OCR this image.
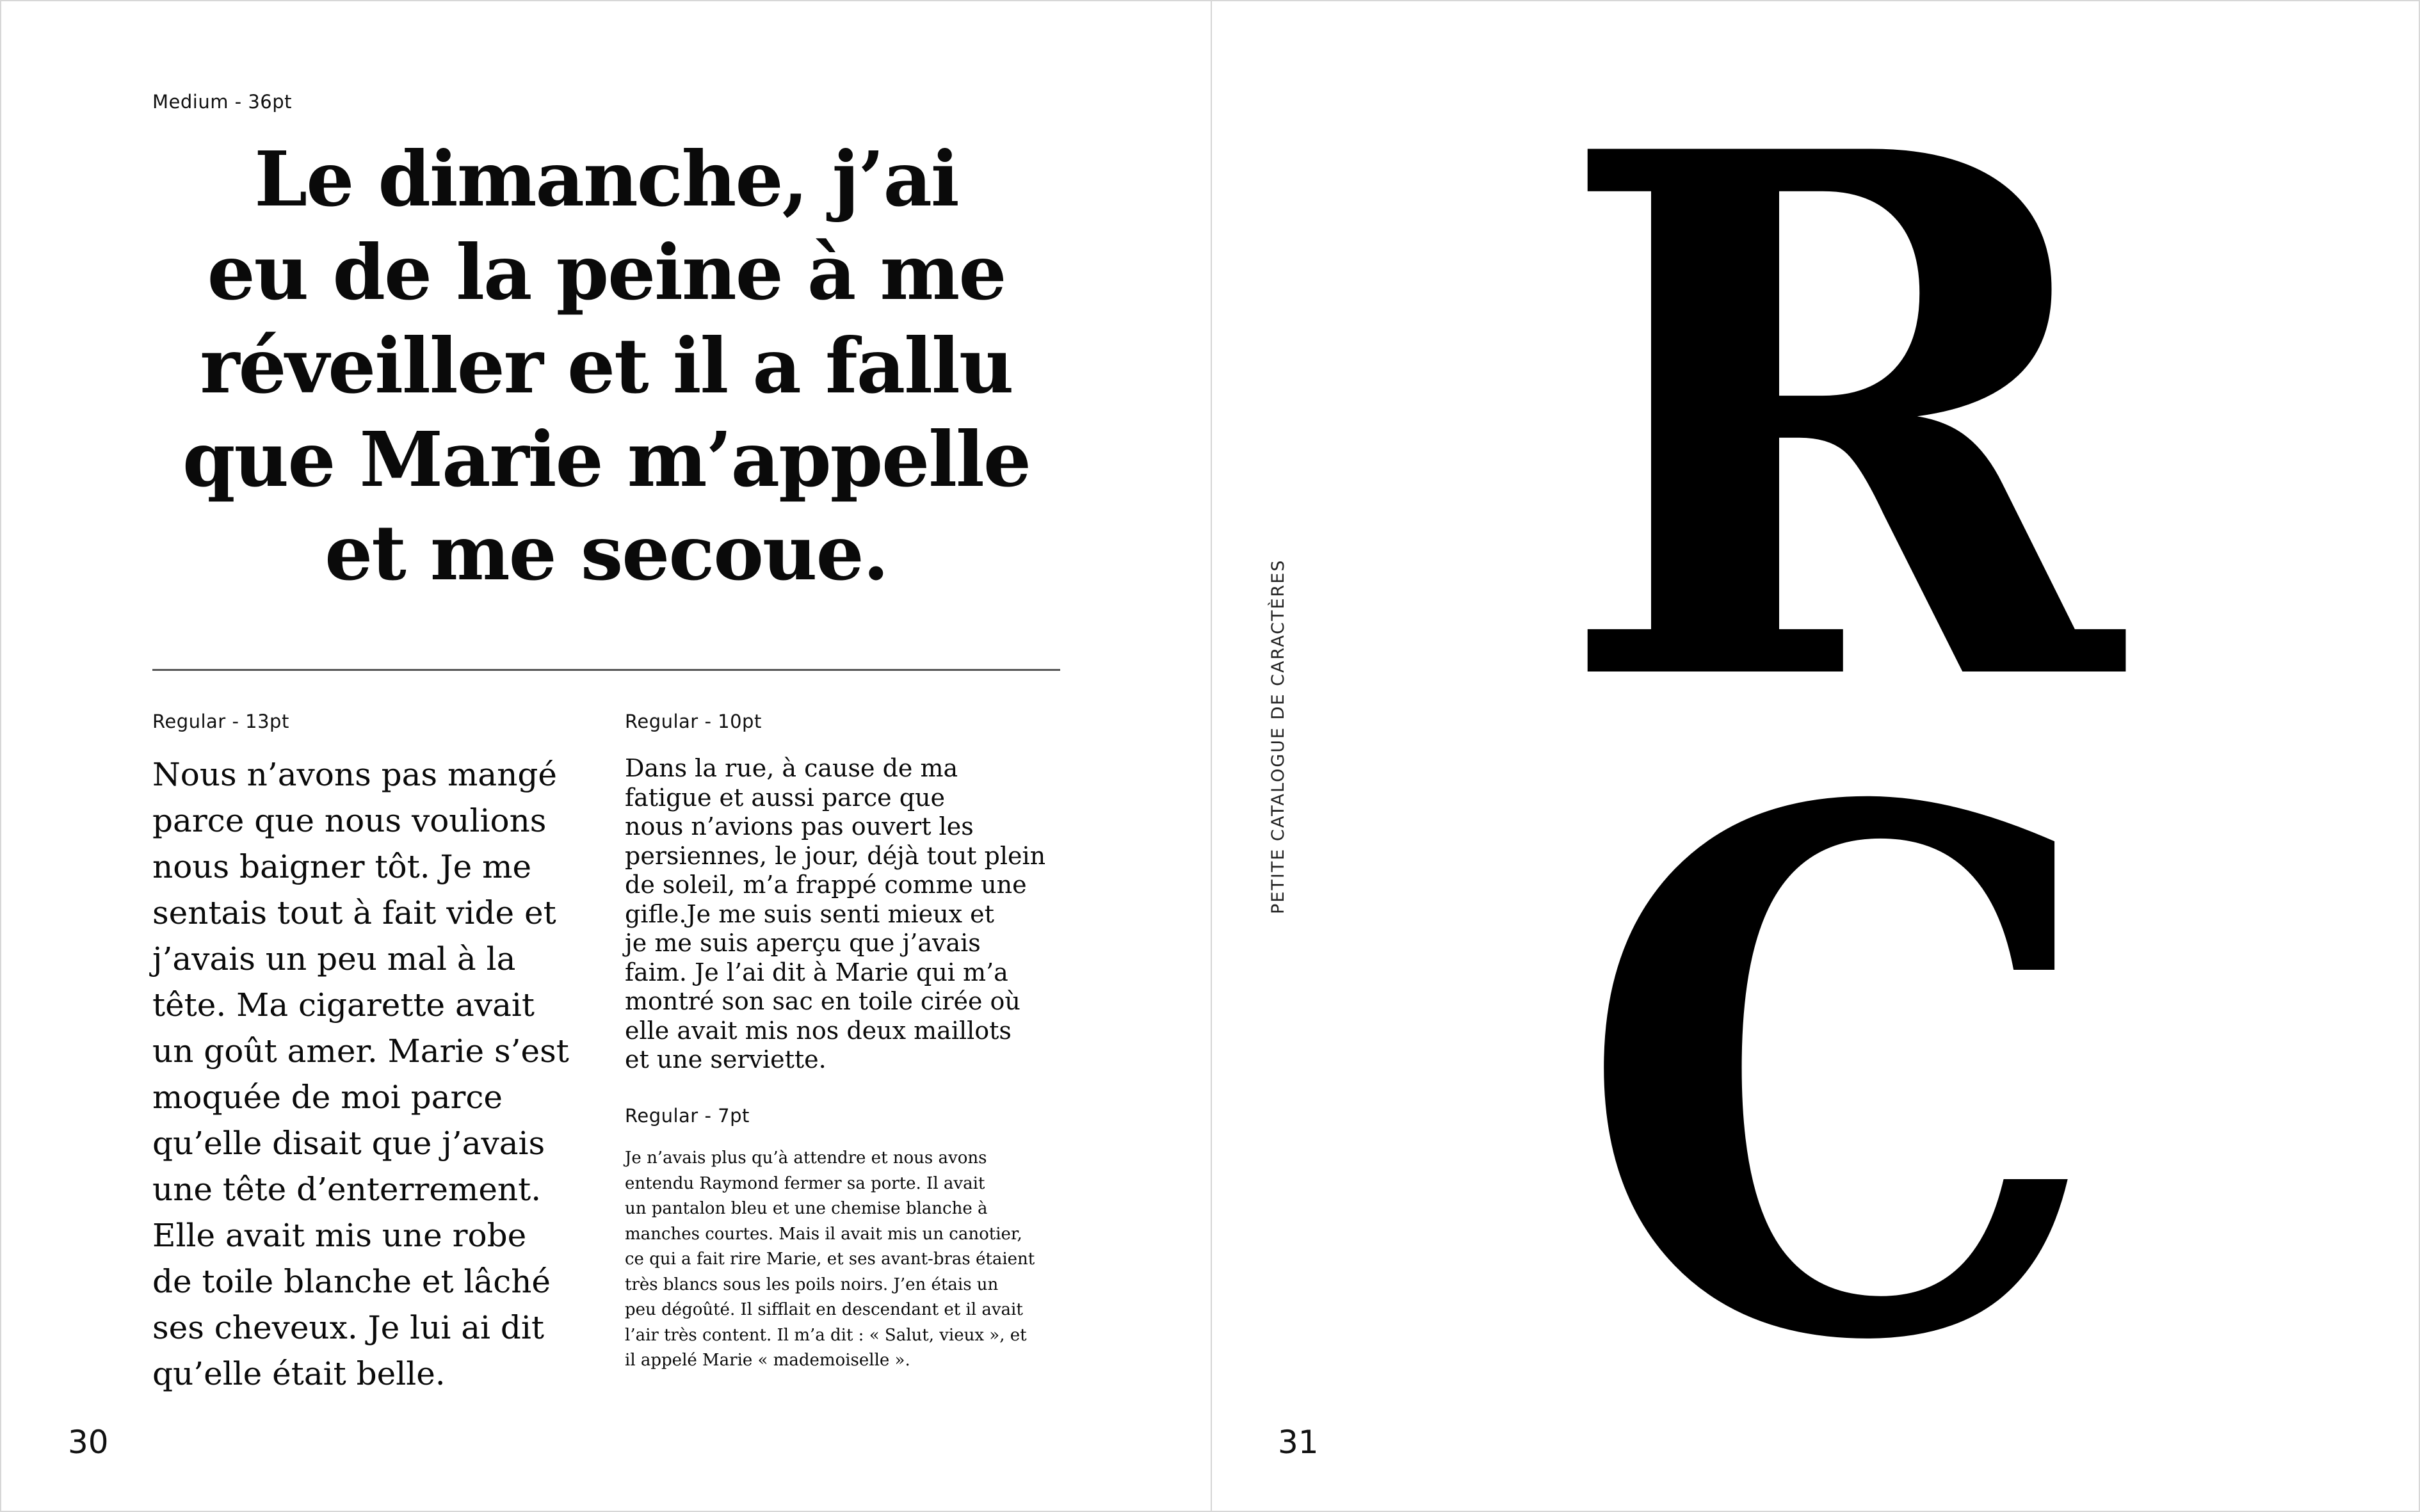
Medium - 36pt
Le dimanche, j’ai
eu de la peine à me
réveiller et il a fallu
que Marie m’appelle
et me secoue.
Regular - 13pt
Nous n’avons pas mangé
parce que nous voulions
nous baigner tôt. Je me
sentais tout à fait vide et
j’avais un peu mal à la
tête. Ma cigarette avait
un goût amer. Marie s’est
moquée de moi parce
qu’elle disait que j’avais
une tête d’enterrement.
Elle avait mis une robe
de toile blanche et lâché
ses cheveux. Je lui ai dit
qu’elle était belle.
Regular - 10pt
Dans la rue, à cause de ma
fatigue et aussi parce que
nous n’avions pas ouvert les
persiennes, le jour, déjà tout plein
de soleil, m’a frappé comme une
gifle.Je me suis senti mieux et
je me suis aperçu que j’avais
faim. Je l’ai dit à Marie qui m’a
montré son sac en toile cirée où
elle avait mis nos deux maillots
et une serviette.
Regular - 7pt
Je n’avais plus qu’à attendre et nous avons
entendu Raymond fermer sa porte. Il avait
un pantalon bleu et une chemise blanche à
manches courtes. Mais il avait mis un canotier,
ce qui a fait rire Marie, et ses avant-bras étaient
très blancs sous les poils noirs. J’en étais un
peu dégoûté. Il sifflait en descendant et il avait
l’air très content. Il m’a dit : « Salut, vieux », et
il appelé Marie « mademoiselle ».
30
PETITE CATALOGUE DE CARACTÈRES R
C
31
